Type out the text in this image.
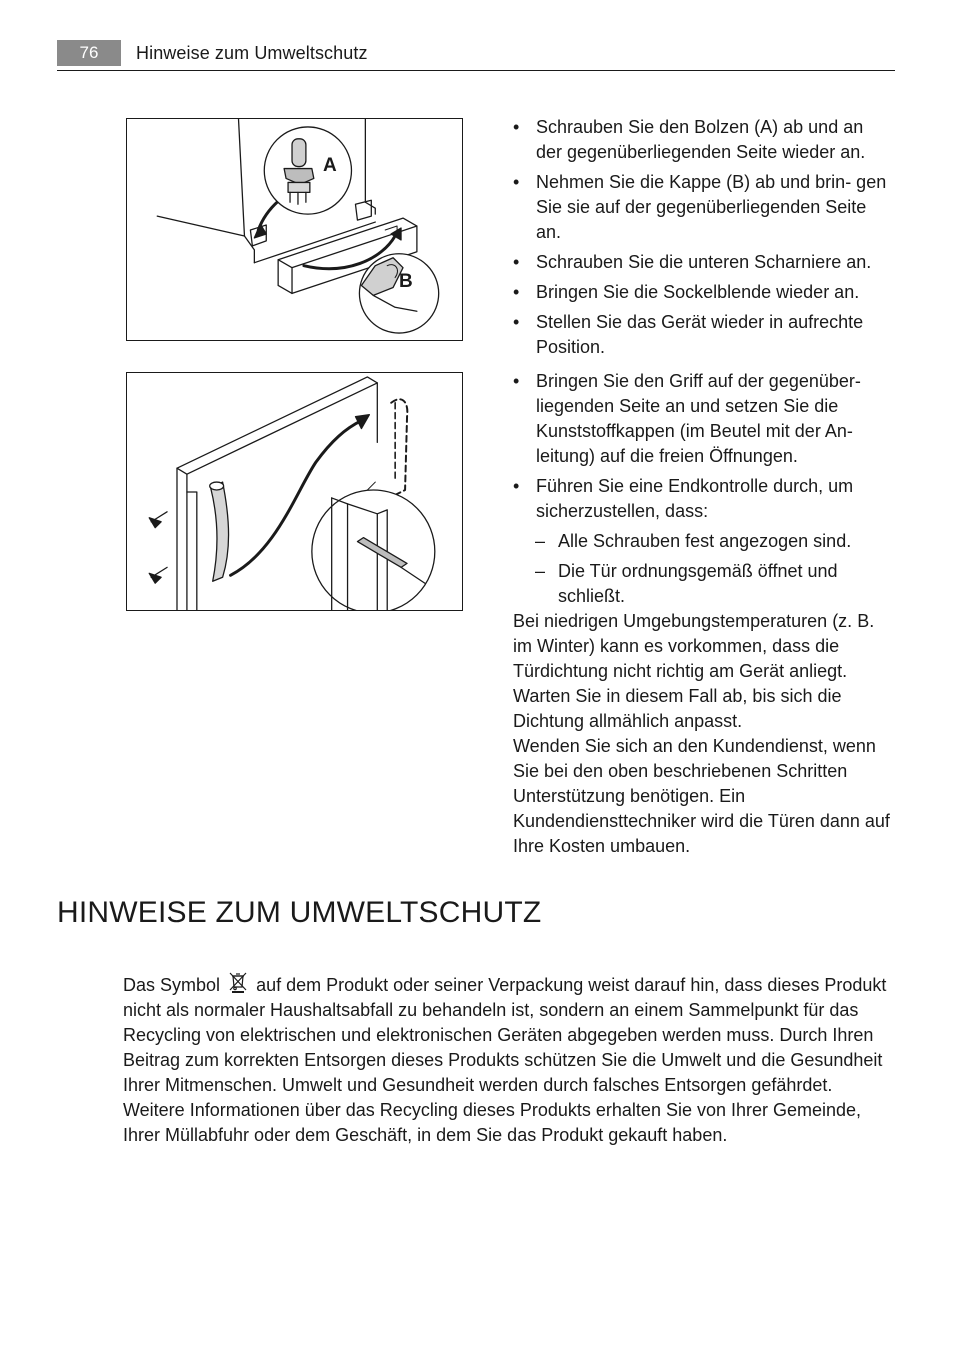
76	Hinweise zum Umweltschutz
A
B
• Schrauben Sie den Bolzen (A) ab und an der gegenüberliegenden Seite wieder an.
• Nehmen Sie die Kappe (B) ab und brin- gen Sie sie auf der gegenüberliegenden Seite an.
• Schrauben Sie die unteren Scharniere an.
• Bringen Sie die Sockelblende wieder an.
• Stellen Sie das Gerät wieder in aufrechte Position.
• Bringen Sie den Griff auf der gegenüber- liegenden Seite an und setzen Sie die Kunststoffkappen (im Beutel mit der An- leitung) auf die freien Öffnungen.
• Führen Sie eine Endkontrolle durch, um sicherzustellen, dass:
– Alle Schrauben fest angezogen sind.
– Die Tür ordnungsgemäß öffnet und schließt.

Bei niedrigen Umgebungstemperaturen (z. B. im Winter) kann es vorkommen, dass die Türdichtung nicht richtig am Gerät anliegt. Warten Sie in diesem Fall ab, bis sich die Dichtung allmählich anpasst.

Wenden Sie sich an den Kundendienst, wenn Sie bei den oben beschriebenen Schritten Unterstützung benötigen. Ein Kundendiensttechniker wird die Türen dann auf Ihre Kosten umbauen.

HINWEISE ZUM UMWELTSCHUTZ

Das Symbol auf dem Produkt oder seiner Verpackung weist darauf hin, dass dieses Produkt nicht als normaler Haushaltsabfall zu behandeln ist, sondern an einem Sammelpunkt für das Recycling von elektrischen und elektronischen Geräten abgegeben werden muss. Durch Ihren Beitrag zum korrekten Entsorgen dieses Produkts schützen Sie die Umwelt und die Gesundheit Ihrer Mitmenschen. Umwelt und Gesundheit werden durch falsches Entsorgen gefährdet. Weitere Informationen über das Recycling dieses Produkts erhalten Sie von Ihrer Gemeinde, Ihrer Müllabfuhr oder dem Geschäft, in dem Sie das Produkt gekauft haben.
